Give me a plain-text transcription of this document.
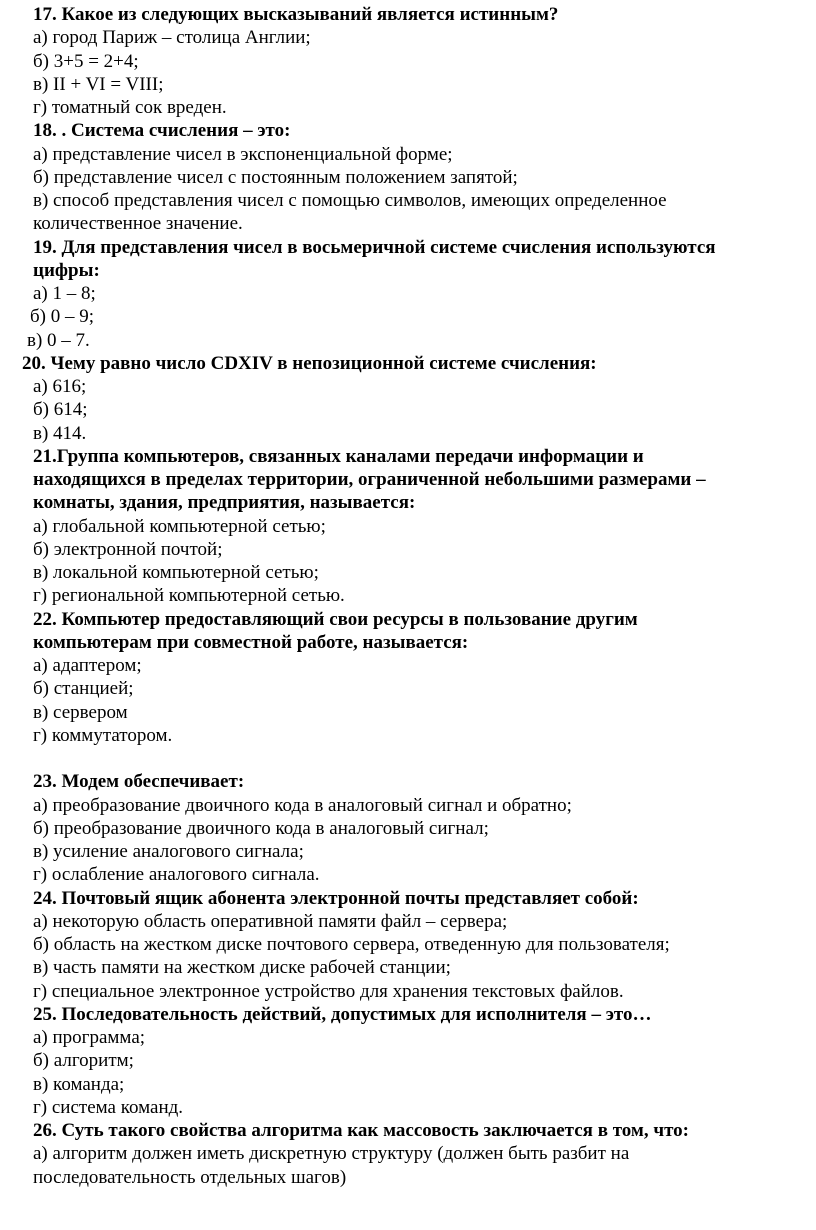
17. Какое из следующих высказываний является истинным?
а) город Париж – столица Англии;
б) 3+5 = 2+4;
в) II + VI = VIII;
г) томатный сок вреден.
18. . Система счисления – это:
а) представление чисел в экспоненциальной форме;
б) представление чисел с постоянным положением запятой;
в) способ представления чисел с помощью символов, имеющих определенное
количественное значение.
19. Для представления чисел в восьмеричной системе счисления используются
цифры:
а) 1 – 8;
б) 0 – 9;
в) 0 – 7.
20. Чему равно число CDXIV в непозиционной системе счисления:
а) 616;
б) 614;
в) 414.
21.Группа компьютеров, связанных каналами передачи информации и
находящихся в пределах территории, ограниченной небольшими размерами –
комнаты, здания, предприятия, называется:
а) глобальной компьютерной сетью;
б) электронной почтой;
в) локальной компьютерной сетью;
г) региональной компьютерной сетью.
22. Компьютер предоставляющий свои ресурсы в пользование другим
компьютерам при совместной работе, называется:
а) адаптером;
б) станцией;
в) сервером
г) коммутатором.
23. Модем обеспечивает:
а) преобразование двоичного кода в аналоговый сигнал и обратно;
б) преобразование двоичного кода в аналоговый сигнал;
в) усиление аналогового сигнала;
г) ослабление аналогового сигнала.
24. Почтовый ящик абонента электронной почты представляет собой:
а) некоторую область оперативной памяти файл – сервера;
б) область на жестком диске почтового сервера, отведенную для пользователя;
в) часть памяти на жестком диске рабочей станции;
г) специальное электронное устройство для хранения текстовых файлов.
25. Последовательность действий, допустимых для исполнителя – это…
а) программа;
б) алгоритм;
в) команда;
г) система команд.
26. Суть такого свойства алгоритма как массовость заключается в том, что:
а) алгоритм должен иметь дискретную структуру (должен быть разбит на
последовательность отдельных шагов)
